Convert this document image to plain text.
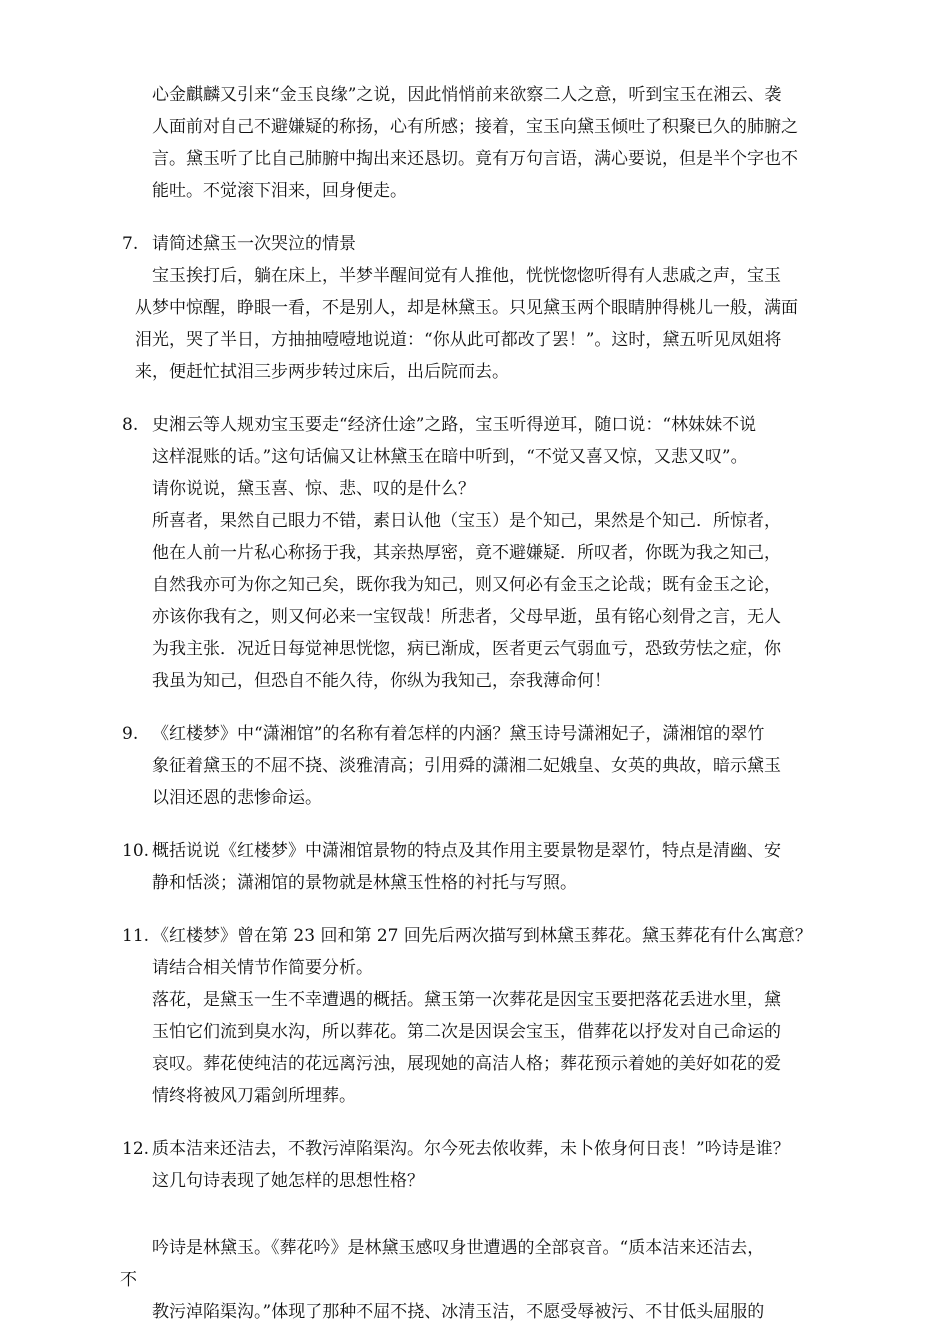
心金麒麟又引来“金玉良缘”之说，因此悄悄前来欲察二人之意，听到宝玉在湘云、袭
人面前对自己不避嫌疑的称扬，心有所感；接着，宝玉向黛玉倾吐了积聚已久的肺腑之
言。黛玉听了比自己肺腑中掏出来还恳切。竟有万句言语，满心要说，但是半个字也不
能吐。不觉滚下泪来，回身便走。
7. 请简述黛玉一次哭泣的情景
宝玉挨打后，躺在床上，半梦半醒间觉有人推他，恍恍惚惚听得有人悲戚之声，宝玉
从梦中惊醒，睁眼一看，不是别人，却是林黛玉。只见黛玉两个眼睛肿得桃儿一般，满面
泪光，哭了半日，方抽抽噎噎地说道：“你从此可都改了罢！”。这时，黛五听见凤姐将
来，便赶忙拭泪三步两步转过床后，出后院而去。
8. 史湘云等人规劝宝玉要走“经济仕途”之路，宝玉听得逆耳，随口说：“林妹妹不说
这样混账的话。”这句话偏又让林黛玉在暗中听到，“不觉又喜又惊，又悲又叹”。
请你说说，黛玉喜、惊、悲、叹的是什么？
所喜者，果然自己眼力不错，素日认他（宝玉）是个知己，果然是个知己．所惊者，
他在人前一片私心称扬于我，其亲热厚密，竟不避嫌疑．所叹者，你既为我之知己，
自然我亦可为你之知己矣，既你我为知己，则又何必有金玉之论哉；既有金玉之论，
亦该你我有之，则又何必来一宝钗哉！所悲者，父母早逝，虽有铭心刻骨之言，无人
为我主张．况近日每觉神思恍惚，病已渐成，医者更云气弱血亏，恐致劳怯之症，你
我虽为知己，但恐自不能久待，你纵为我知己，奈我薄命何！
9. 《红楼梦》中“潇湘馆”的名称有着怎样的内涵？黛玉诗号潇湘妃子，潇湘馆的翠竹
象征着黛玉的不屈不挠、淡雅清高；引用舜的潇湘二妃娥皇、女英的典故，暗示黛玉
以泪还恩的悲惨命运。
10. 概括说说《红楼梦》中潇湘馆景物的特点及其作用主要景物是翠竹，特点是清幽、安
静和恬淡；潇湘馆的景物就是林黛玉性格的衬托与写照。
11. 《红楼梦》曾在第 23 回和第 27 回先后两次描写到林黛玉葬花。黛玉葬花有什么寓意？
请结合相关情节作简要分析。
落花，是黛玉一生不幸遭遇的概括。黛玉第一次葬花是因宝玉要把落花丢进水里，黛
玉怕它们流到臭水沟，所以葬花。第二次是因误会宝玉，借葬花以抒发对自己命运的
哀叹。葬花使纯洁的花远离污浊，展现她的高洁人格；葬花预示着她的美好如花的爱
情终将被风刀霜剑所埋葬。
12. 质本洁来还洁去，不教污淖陷渠沟。尔今死去侬收葬，未卜侬身何日丧！”吟诗是谁？
这几句诗表现了她怎样的思想性格？
吟诗是林黛玉。《葬花吟》是林黛玉感叹身世遭遇的全部哀音。“质本洁来还洁去，
不
教污淖陷渠沟。”体现了那种不屈不挠、冰清玉洁，不愿受辱被污、不甘低头屈服的
